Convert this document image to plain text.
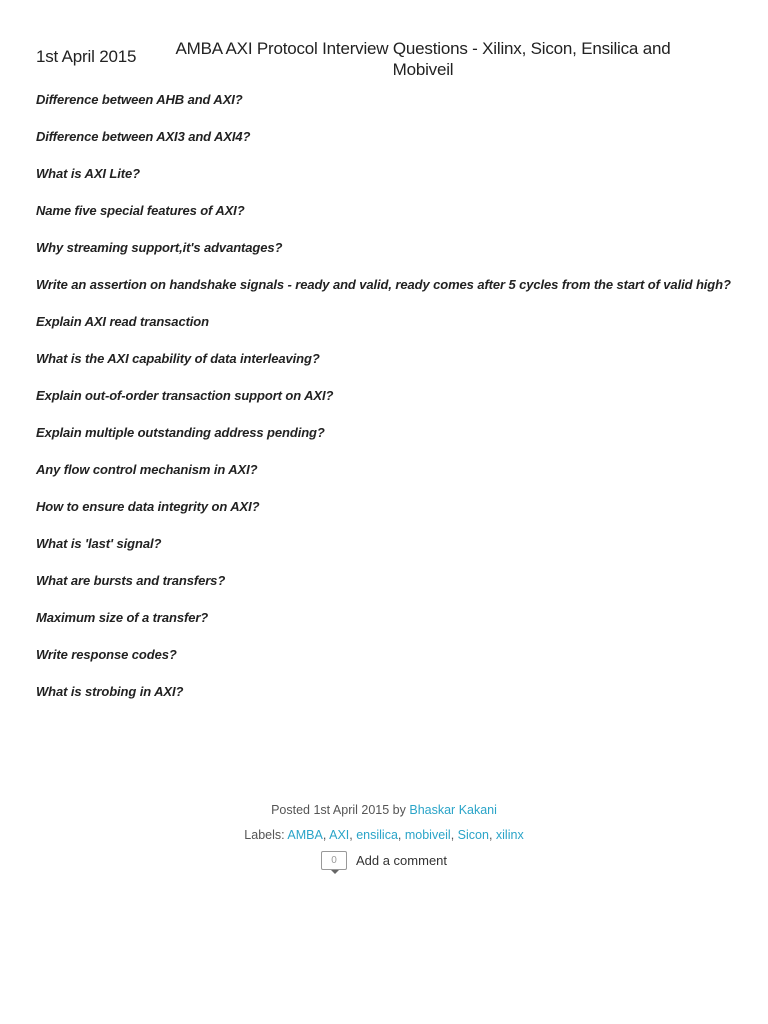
1st April 2015	AMBA AXI Protocol Interview Questions - Xilinx, Sicon, Ensilica and Mobiveil
Difference between AHB and AXI?
Difference between AXI3 and AXI4?
What is AXI Lite?
Name five special features of AXI?
Why streaming support,it's advantages?
Write an assertion on handshake signals - ready and valid, ready comes after 5 cycles from the start of valid high?
Explain AXI read transaction
What is the AXI capability of data interleaving?
Explain out-of-order transaction support on AXI?
Explain multiple outstanding address pending?
Any flow control mechanism in AXI?
How to ensure data integrity on AXI?
What is 'last' signal?
What are bursts and transfers?
Maximum size of a transfer?
Write response codes?
What is strobing in AXI?
Posted 1st April 2015 by Bhaskar Kakani
Labels: AMBA, AXI, ensilica, mobiveil, Sicon, xilinx
0	Add a comment
